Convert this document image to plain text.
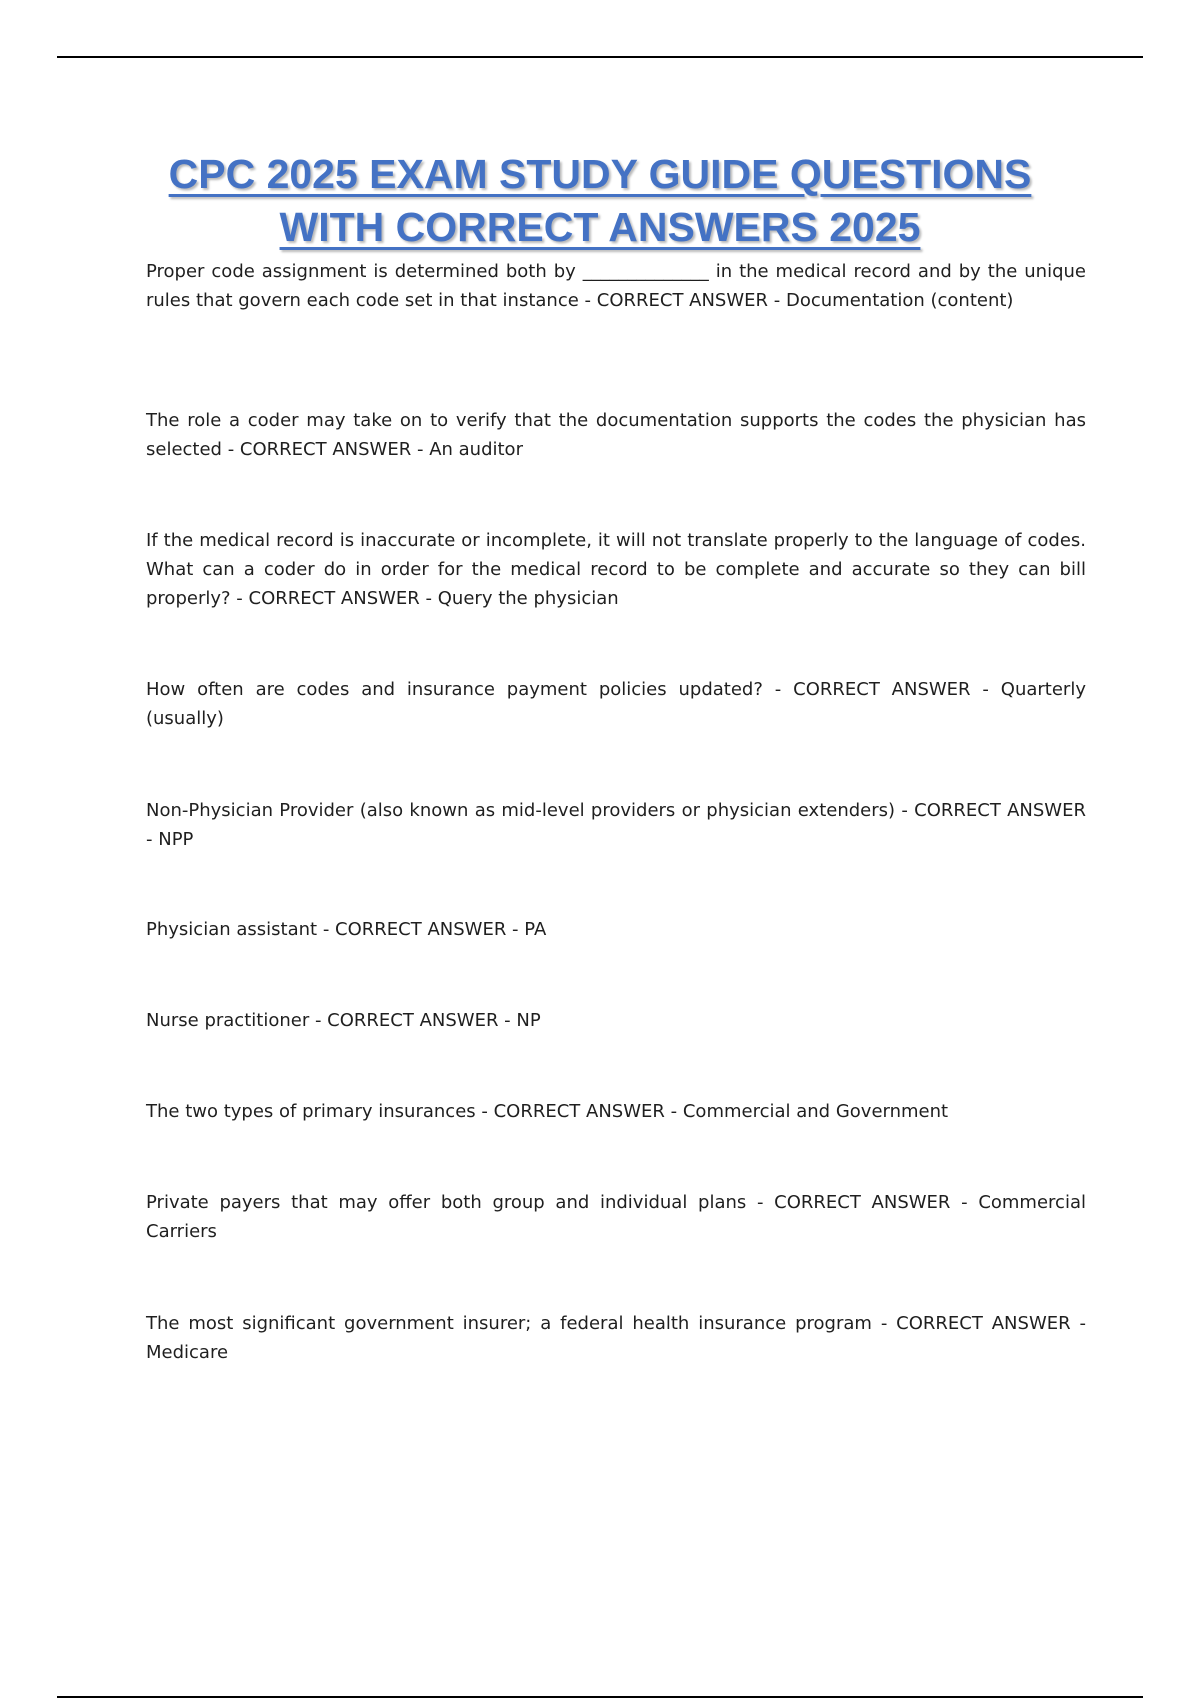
CPC 2025 EXAM STUDY GUIDE QUESTIONS
WITH CORRECT ANSWERS 2025

Proper code assignment is determined both by ______________ in the medical record and by the unique rules that govern each code set in that instance - CORRECT ANSWER - Documentation (content)

The role a coder may take on to verify that the documentation supports the codes the physician has selected - CORRECT ANSWER - An auditor

If the medical record is inaccurate or incomplete, it will not translate properly to the language of codes. What can a coder do in order for the medical record to be complete and accurate so they can bill properly? - CORRECT ANSWER - Query the physician

How often are codes and insurance payment policies updated? - CORRECT ANSWER - Quarterly (usually)

Non-Physician Provider (also known as mid-level providers or physician extenders) - CORRECT ANSWER - NPP

Physician assistant - CORRECT ANSWER - PA

Nurse practitioner - CORRECT ANSWER - NP

The two types of primary insurances - CORRECT ANSWER - Commercial and Government

Private payers that may offer both group and individual plans - CORRECT ANSWER - Commercial Carriers

The most significant government insurer; a federal health insurance program - CORRECT ANSWER -Medicare
